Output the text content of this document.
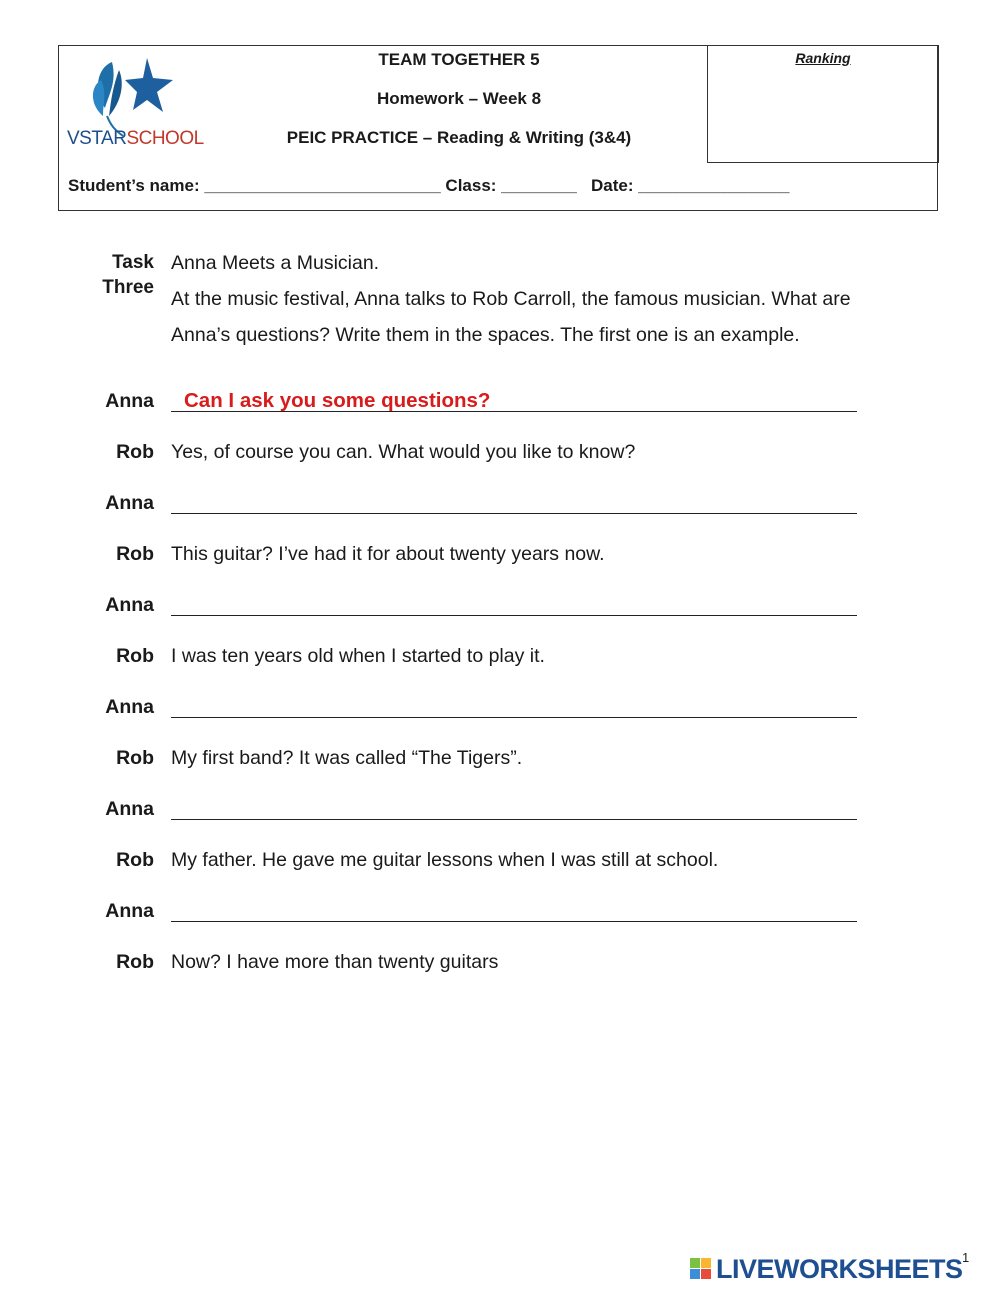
VSTARSCHOOL
TEAM TOGETHER 5
Homework – Week 8
PEIC PRACTICE – Reading & Writing (3&4)
Ranking
Student’s name: _________________________ Class: ________   Date: ________________
Task
Three
Anna Meets a Musician.
At the music festival, Anna talks to Rob Carroll, the famous musician. What are
Anna’s questions? Write them in the spaces. The first one is an example.
Anna Can I ask you some questions?
Rob Yes, of course you can. What would you like to know?
Anna
Rob This guitar? I’ve had it for about twenty years now.
Anna
Rob I was ten years old when I started to play it.
Anna
Rob My first band? It was called “The Tigers”.
Anna
Rob My father. He gave me guitar lessons when I was still at school.
Anna
Rob Now? I have more than twenty guitars
LIVEWORKSHEETS 1
